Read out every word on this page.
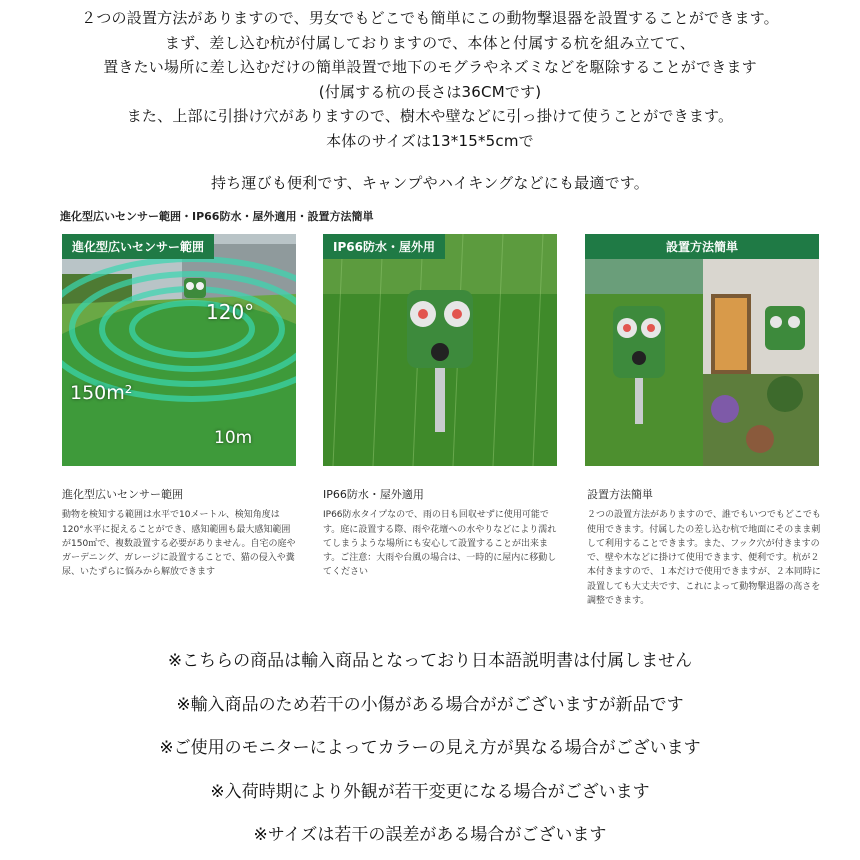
２つの設置方法がありますので、男女でもどこでも簡単にこの動物撃退器を設置することができます。

まず、差し込む杭が付属しておりますので、本体と付属する杭を組み立てて、

置きたい場所に差し込むだけの簡単設置で地下のモグラやネズミなどを駆除することができます

(付属する杭の長さは36CMです)

また、上部に引掛け穴がありますので、樹木や壁などに引っ掛けて使うことができます。

本体のサイズは13*15*5cmで

持ち運びも便利です、キャンプやハイキングなどにも最適です。

進化型広いセンサー範囲・IP66防水・屋外適用・設置方法簡単
進化型広いセンサー範囲
120°
150m²
10m
IP66防水・屋外用	設置方法簡単
進化型広いセンサー範囲

動物を検知する範囲は水平で10メートル、検知角度は120°水平に捉えることができ、感知範囲も最大感知範囲が150㎡で、複数設置する必要がありません。自宅の庭やガーデニング、ガレージに設置することで、猫の侵入や糞尿、いたずらに悩みから解放できます

IP66防水・屋外適用

IP66防水タイプなので、雨の日も回収せずに使用可能です。庭に設置する際、雨や花壇への水やりなどにより濡れてしまうような場所にも安心して設置することが出来ます。ご注意：大雨や台風の場合は、一時的に屋内に移動してください

設置方法簡単

２つの設置方法がありますので、誰でもいつでもどこでも使用できます。付属したの差し込む杭で地面にそのまま刺して利用することできます。また、フック穴が付きますので、壁や木などに掛けて使用できます、便利です。杭が２本付きますので、１本だけで使用できますが、２本同時に設置しても大丈夫です、これによって動物撃退器の高さを調整できます。

※こちらの商品は輸入商品となっており日本語説明書は付属しません

※輸入商品のため若干の小傷がある場合ががございますが新品です

※ご使用のモニターによってカラーの見え方が異なる場合がございます

※入荷時期により外観が若干変更になる場合がございます

※サイズは若干の誤差がある場合がございます
